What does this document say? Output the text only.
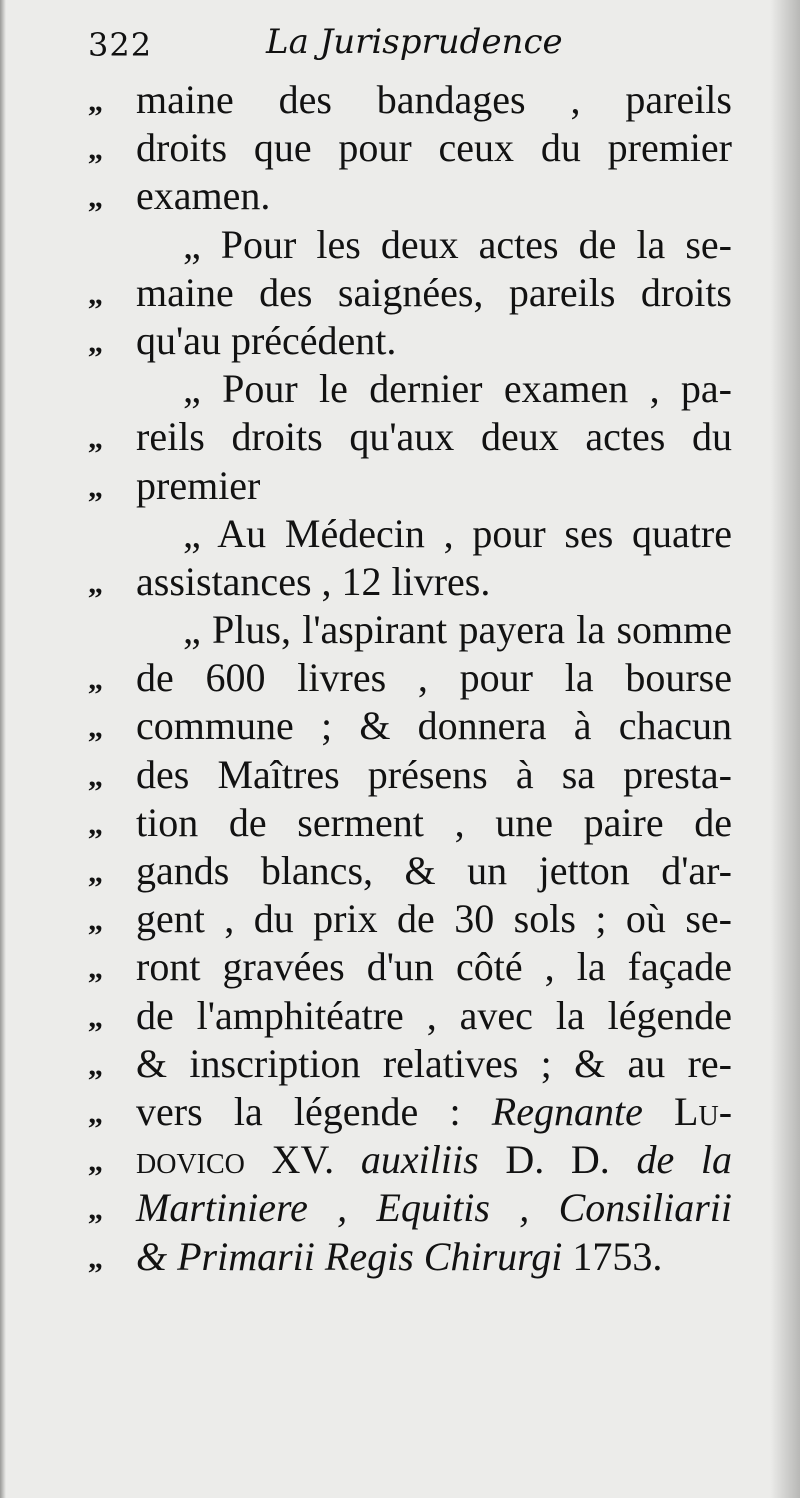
322	La Jurisprudence
„ maine des bandages , pareils
„ droits que pour ceux du premier
„ examen.
„ Pour les deux actes de la se-
„ maine des saignées, pareils droits
„ qu'au précédent.
„ Pour le dernier examen , pa-
„ reils droits qu'aux deux actes du
„ premier
„ Au Médecin , pour ses quatre
„ assistances , 12 livres.
„ Plus, l'aspirant payera la somme
„ de 600 livres , pour la bourse
„ commune ; & donnera à chacun
„ des Maîtres présens à sa presta-
„ tion de serment , une paire de
„ gands blancs, & un jetton d'ar-
„ gent , du prix de 30 sols ; où se-
„ ront gravées d'un côté , la façade
„ de l'amphitéatre , avec la légende
„ & inscription relatives ; & au re-
„ vers la légende : Regnante Lu-
„ dovico XV. auxiliis D. D. de la
„ Martiniere , Equitis , Consiliarii
„ & Primarii Regis Chirurgi 1753.
